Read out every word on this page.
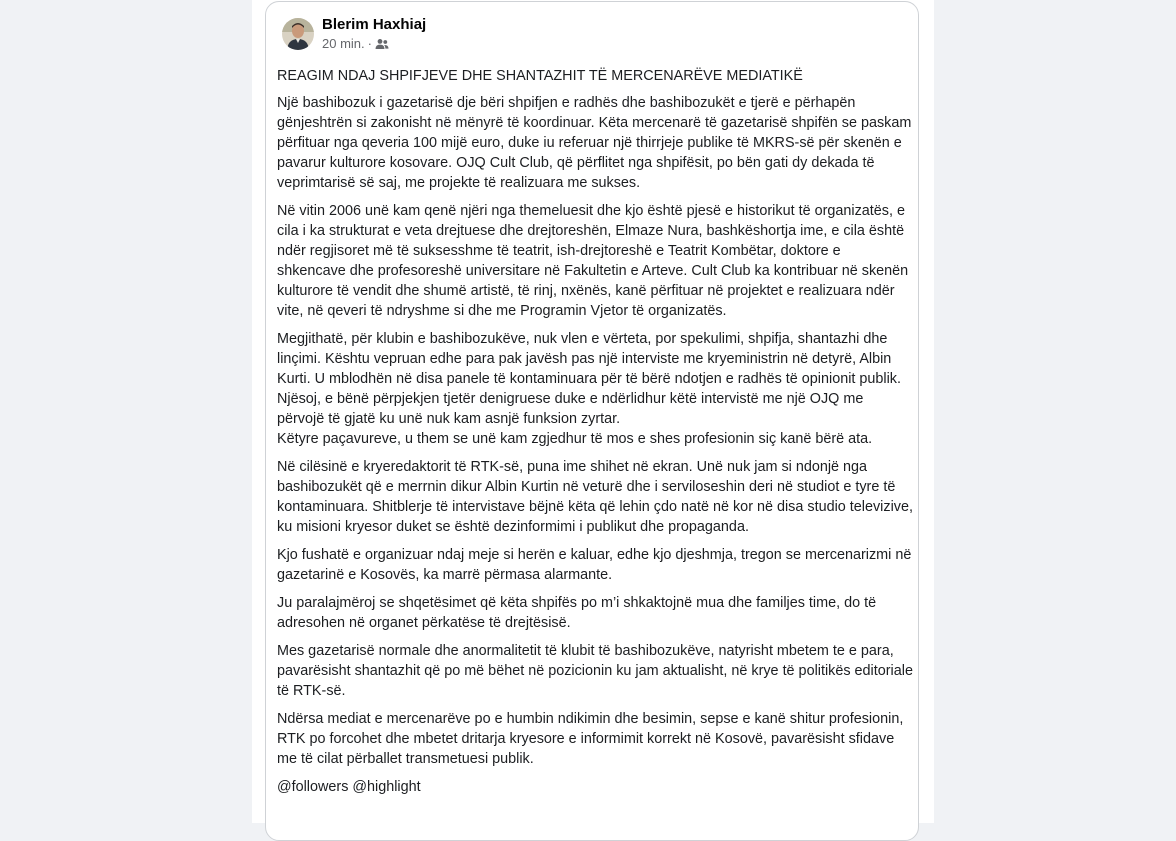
Blerim Haxhiaj
20 min. ·

REAGIM NDAJ SHPIFJEVE DHE SHANTAZHIT TË MERCENARËVE MEDIATIKË

Një bashibozuk i gazetarisë dje bëri shpifjen e radhës dhe bashibozukët e tjerë e përhapën gënjeshtrën si zakonisht në mënyrë të koordinuar. Këta mercenarë të gazetarisë shpifën se paskam përfituar nga qeveria 100 mijë euro, duke iu referuar një thirrjeje publike të MKRS-së për skenën e pavarur kulturore kosovare. OJQ Cult Club, që përflitet nga shpifësit, po bën gati dy dekada të veprimtarisë së saj, me projekte të realizuara me sukses.

Në vitin 2006 unë kam qenë njëri nga themeluesit dhe kjo është pjesë e historikut të organizatës, e cila i ka strukturat e veta drejtuese dhe drejtoreshën, Elmaze Nura, bashkëshortja ime, e cila është ndër regjisoret më të suksesshme të teatrit, ish-drejtoreshë e Teatrit Kombëtar, doktore e shkencave dhe profesoreshë universitare në Fakultetin e Arteve. Cult Club ka kontribuar në skenën kulturore të vendit dhe shumë artistë, të rinj, nxënës, kanë përfituar në projektet e realizuara ndër vite, në qeveri të ndryshme si dhe me Programin Vjetor të organizatës.

Megjithatë, për klubin e bashibozukëve, nuk vlen e vërteta, por spekulimi, shpifja, shantazhi dhe linçimi. Kështu vepruan edhe para pak javësh pas një interviste me kryeministrin në detyrë, Albin Kurti. U mblodhën në disa panele të kontaminuara për të bërë ndotjen e radhës të opinionit publik. Njësoj, e bënë përpjekjen tjetër denigruese duke e ndërlidhur këtë intervistë me një OJQ me përvojë të gjatë ku unë nuk kam asnjë funksion zyrtar.

Këtyre paçavureve, u them se unë kam zgjedhur të mos e shes profesionin siç kanë bërë ata.

Në cilësinë e kryeredaktorit të RTK-së, puna ime shihet në ekran. Unë nuk jam si ndonjë nga bashibozukët që e merrnin dikur Albin Kurtin në veturë dhe i serviloseshin deri në studiot e tyre të kontaminuara. Shitblerje të intervistave bëjnë këta që lehin çdo natë në kor në disa studio televizive, ku misioni kryesor duket se është dezinformimi i publikut dhe propaganda.

Kjo fushatë e organizuar ndaj meje si herën e kaluar, edhe kjo djeshmja, tregon se mercenarizmi në gazetarinë e Kosovës, ka marrë përmasa alarmante.

Ju paralajmëroj se shqetësimet që këta shpifës po m’i shkaktojnë mua dhe familjes time, do të adresohen në organet përkatëse të drejtësisë.

Mes gazetarisë normale dhe anormalitetit të klubit të bashibozukëve, natyrisht mbetem te e para, pavarësisht shantazhit që po më bëhet në pozicionin ku jam aktualisht, në krye të politikës editoriale të RTK-së.

Ndërsa mediat e mercenarëve po e humbin ndikimin dhe besimin, sepse e kanë shitur profesionin, RTK po forcohet dhe mbetet dritarja kryesore e informimit korrekt në Kosovë, pavarësisht sfidave me të cilat përballet transmetuesi publik.

@followers @highlight
